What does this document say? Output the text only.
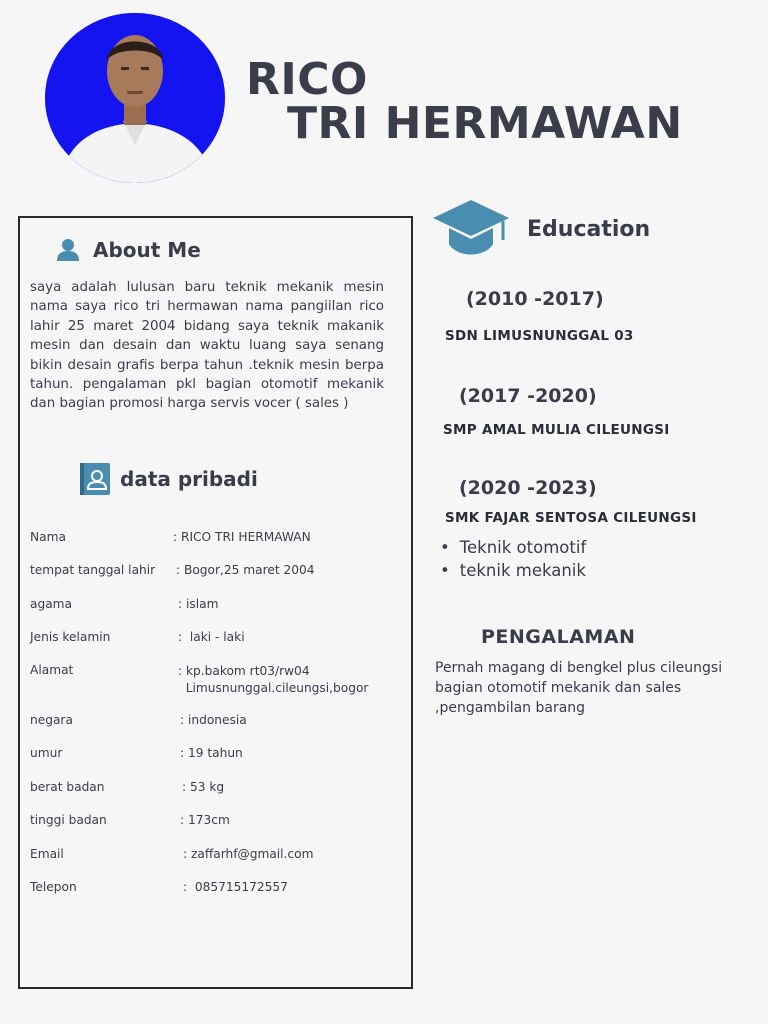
RICO
TRI HERMAWAN
About Me
saya adalah lulusan baru teknik mekanik mesin nama saya rico tri hermawan nama pangiilan rico lahir 25 maret 2004 bidang saya teknik makanik mesin dan desain dan waktu luang saya senang bikin desain grafis berpa tahun .teknik mesin berpa tahun. pengalaman pkl bagian otomotif mekanik dan bagian promosi harga servis vocer ( sales )
data pribadi
Nama	: RICO TRI HERMAWAN
tempat tanggal lahir : Bogor,25 maret 2004
agama	: islam
Jenis kelamin	:  laki - laki
Alamat	: kp.bakom rt03/rw04
Limusnunggal.cileungsi,bogor
negara	: indonesia
umur	: 19 tahun
berat badan	: 53 kg
tinggi badan	: 173cm
Email	: zaffarhf@gmail.com
Telepon	:  085715172557
Education
(2010 -2017)
SDN LIMUSNUNGGAL 03
(2017 -2020)
SMP AMAL MULIA CILEUNGSI
(2020 -2023)
SMK FAJAR SENTOSA CILEUNGSI
• Teknik otomotif
• teknik mekanik
PENGALAMAN
Pernah magang di bengkel plus cileungsi bagian otomotif mekanik dan sales ,pengambilan barang
